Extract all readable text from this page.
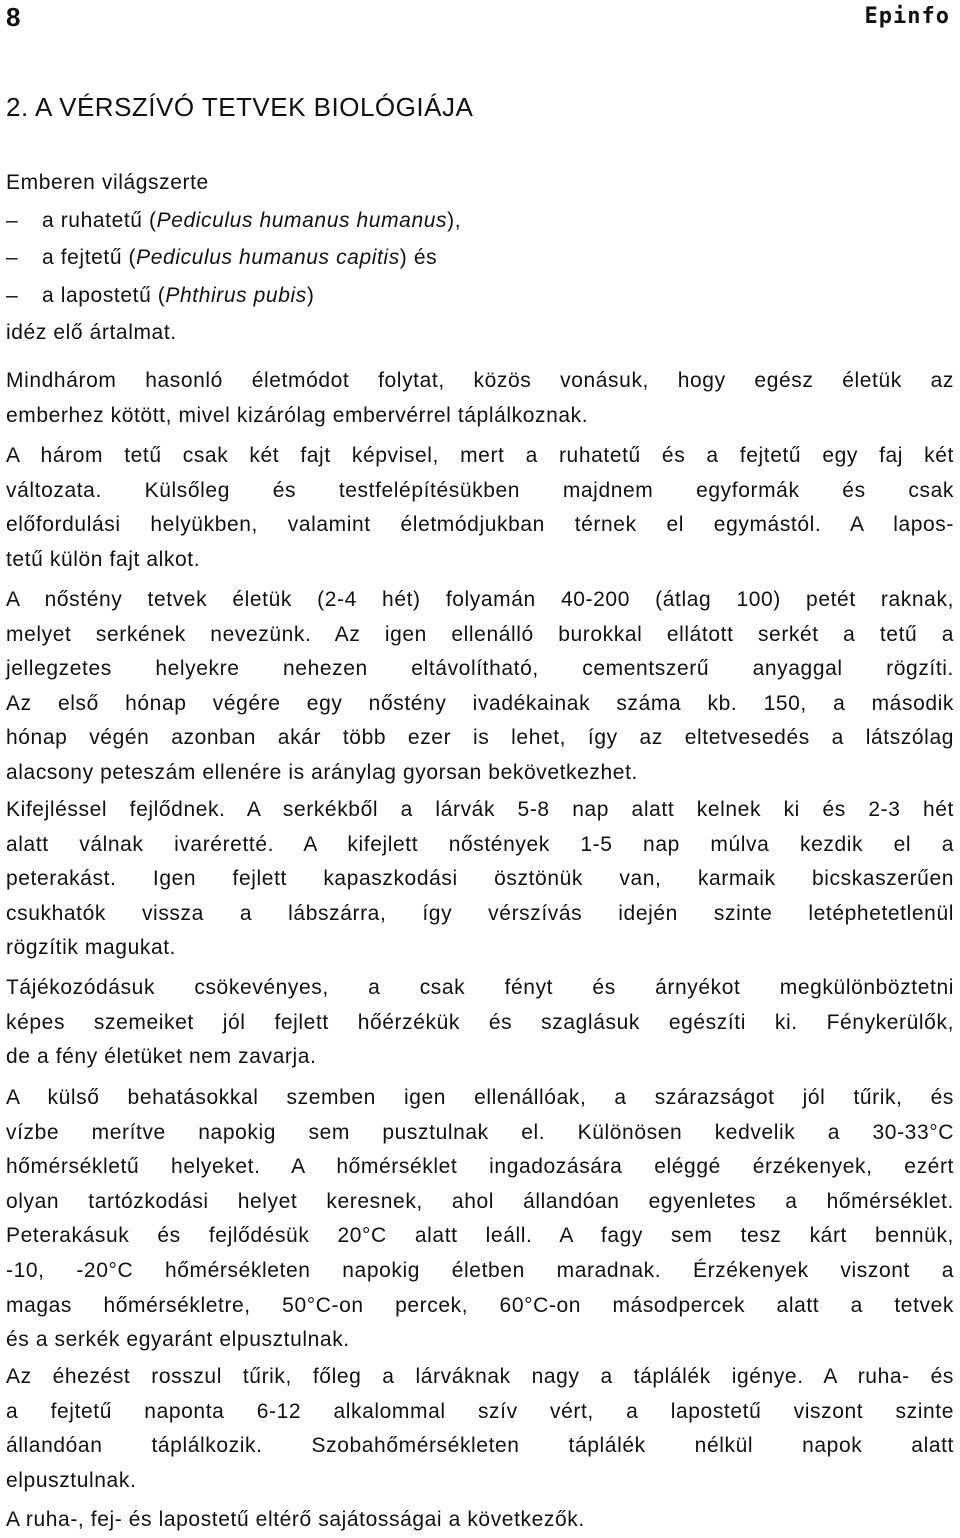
8	Epinfo
2. A VÉRSZÍVÓ TETVEK BIOLÓGIÁJA
Emberen világszerte
– a ruhatetű (Pediculus humanus humanus),
– a fejtetű (Pediculus humanus capitis) és
– a lapostetű (Phthirus pubis)
idéz elő ártalmat.
Mindhárom hasonló életmódot folytat, közös vonásuk, hogy egész életük az
emberhez kötött, mivel kizárólag embervérrel táplálkoznak.
A három tetű csak két fajt képvisel, mert a ruhatetű és a fejtetű egy faj két
változata. Külsőleg és testfelépítésükben majdnem egyformák és csak
előfordulási helyükben, valamint életmódjukban térnek el egymástól. A lapos-
tetű külön fajt alkot.
A nőstény tetvek életük (2-4 hét) folyamán 40-200 (átlag 100) petét raknak,
melyet serkének nevezünk. Az igen ellenálló burokkal ellátott serkét a tetű a
jellegzetes helyekre nehezen eltávolítható, cementszerű anyaggal rögzíti.
Az első hónap végére egy nőstény ivadékainak száma kb. 150, a második
hónap végén azonban akár több ezer is lehet, így az eltetvesedés a látszólag
alacsony peteszám ellenére is aránylag gyorsan bekövetkezhet.
Kifejléssel fejlődnek. A serkékből a lárvák 5-8 nap alatt kelnek ki és 2-3 hét
alatt válnak ivaréretté. A kifejlett nőstények 1-5 nap múlva kezdik el a
peterakást. Igen fejlett kapaszkodási ösztönük van, karmaik bicskaszerűen
csukhatók vissza a lábszárra, így vérszívás idején szinte letéphetetlenül
rögzítik magukat.
Tájékozódásuk csökevényes, a csak fényt és árnyékot megkülönböztetni
képes szemeiket jól fejlett hőérzékük és szaglásuk egészíti ki. Fénykerülők,
de a fény életüket nem zavarja.
A külső behatásokkal szemben igen ellenállóak, a szárazságot jól tűrik, és
vízbe merítve napokig sem pusztulnak el. Különösen kedvelik a 30-33°C
hőmérsékletű helyeket. A hőmérséklet ingadozására eléggé érzékenyek, ezért
olyan tartózkodási helyet keresnek, ahol állandóan egyenletes a hőmérséklet.
Peterakásuk és fejlődésük 20°C alatt leáll. A fagy sem tesz kárt bennük,
-10, -20°C hőmérsékleten napokig életben maradnak. Érzékenyek viszont a
magas hőmérsékletre, 50°C-on percek, 60°C-on másodpercek alatt a tetvek
és a serkék egyaránt elpusztulnak.
Az éhezést rosszul tűrik, főleg a lárváknak nagy a táplálék igénye. A ruha- és
a fejtetű naponta 6-12 alkalommal szív vért, a lapostetű viszont szinte
állandóan táplálkozik. Szobahőmérsékleten táplálék nélkül napok alatt
elpusztulnak.
A ruha-, fej- és lapostetű eltérő sajátosságai a következők.
